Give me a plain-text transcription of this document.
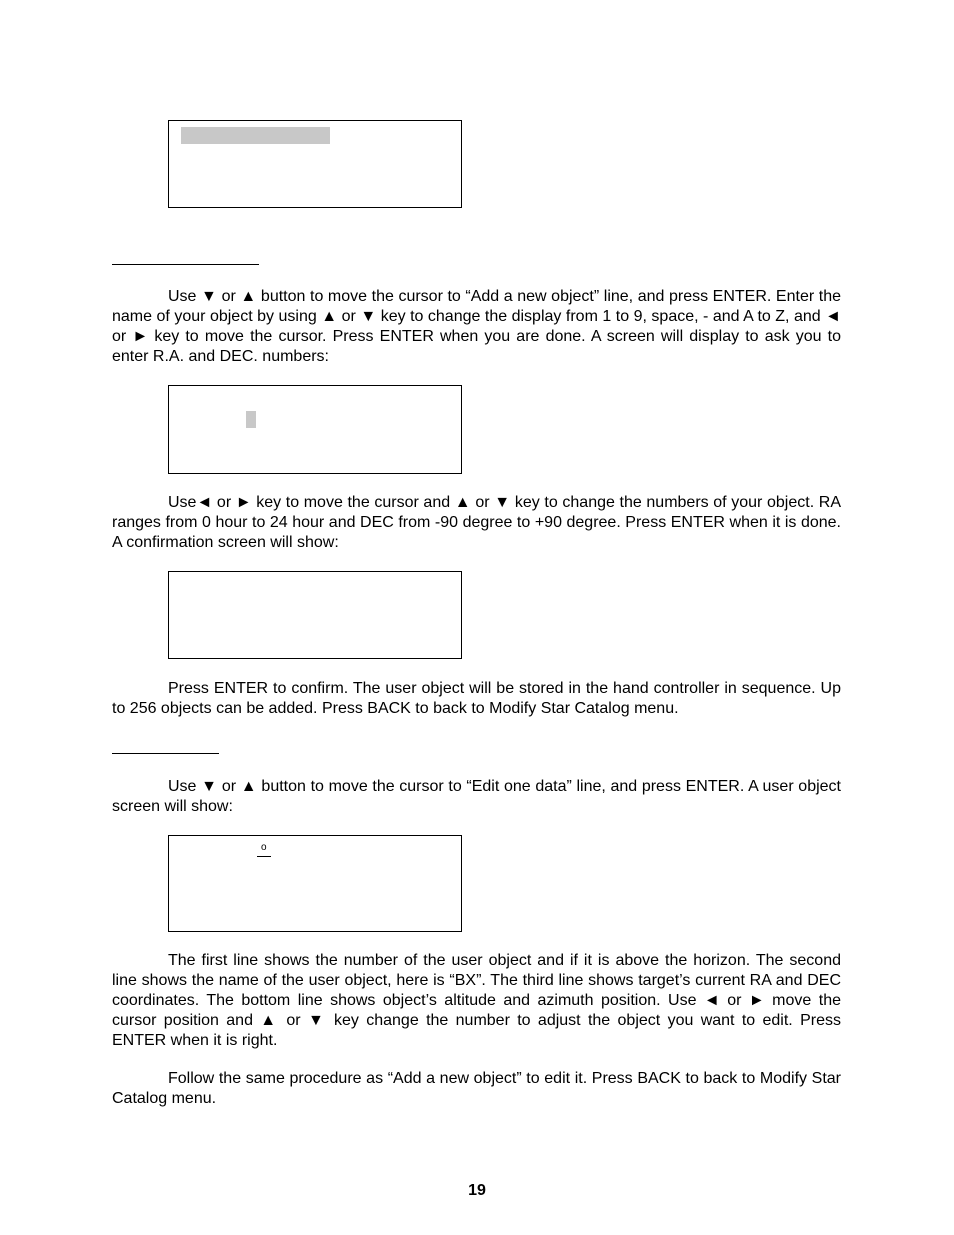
Use ▼ or ▲ button to move the cursor to “Add a new object” line, and press ENTER. Enter the name of your object by using ▲ or ▼ key to change the display from 1 to 9, space, - and A to Z, and ◄ or ► key to move the cursor. Press ENTER when you are done. A screen will display to ask you to enter R.A. and DEC. numbers:

Use◄ or ► key to move the cursor and ▲ or ▼ key to change the numbers of your object. RA ranges from 0 hour to 24 hour and DEC from -90 degree to +90 degree. Press ENTER when it is done. A confirmation screen will show:

Press ENTER to confirm. The user object will be stored in the hand controller in sequence. Up to 256 objects can be added. Press BACK to back to Modify Star Catalog menu.

Use ▼ or ▲ button to move the cursor to “Edit one data” line, and press ENTER. A user object screen will show:

o

The first line shows the number of the user object and if it is above the horizon. The second line shows the name of the user object, here is “BX”. The third line shows target’s current RA and DEC coordinates. The bottom line shows object’s altitude and azimuth position. Use ◄ or ► move the cursor position and ▲ or ▼ key change the number to adjust the object you want to edit. Press ENTER when it is right.

Follow the same procedure as “Add a new object” to edit it. Press BACK to back to Modify Star Catalog menu.

19
